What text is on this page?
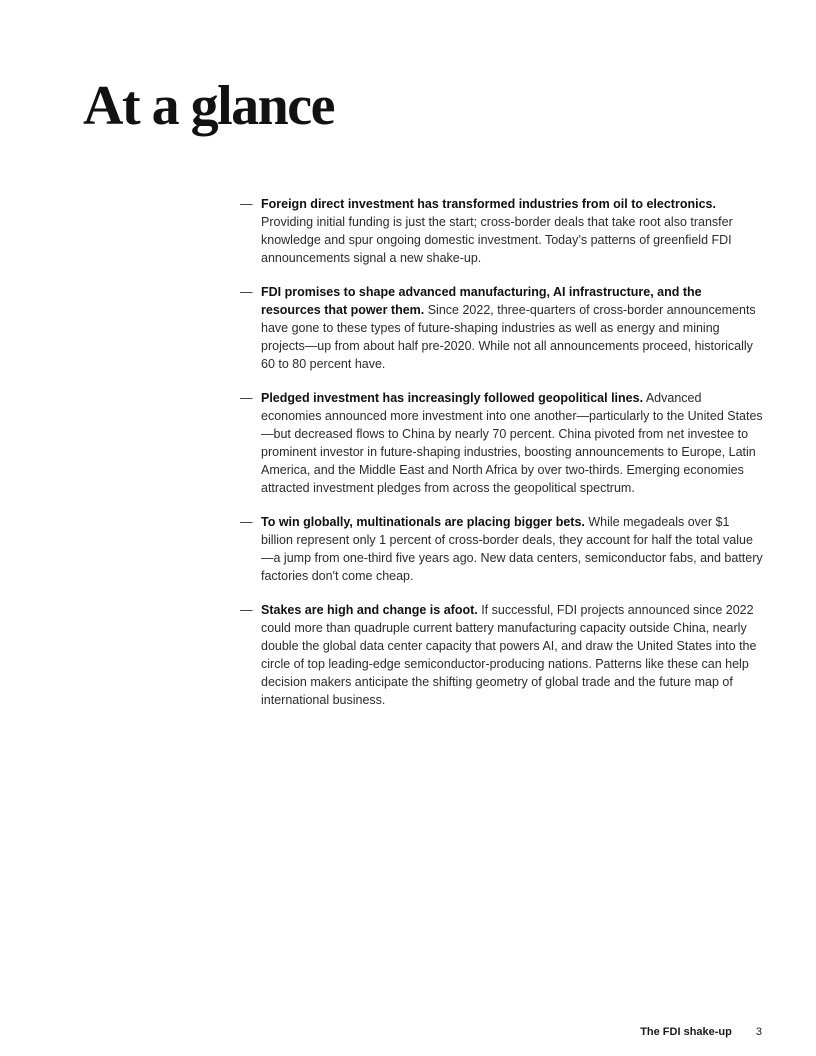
At a glance
— Foreign direct investment has transformed industries from oil to electronics. Providing initial funding is just the start; cross-border deals that take root also transfer knowledge and spur ongoing domestic investment. Today’s patterns of greenfield FDI announcements signal a new shake-up.

— FDI promises to shape advanced manufacturing, AI infrastructure, and the resources that power them. Since 2022, three-quarters of cross-border announcements have gone to these types of future-shaping industries as well as energy and mining projects—up from about half pre-2020. While not all announcements proceed, historically 60 to 80 percent have.

— Pledged investment has increasingly followed geopolitical lines. Advanced economies announced more investment into one another—particularly to the United States—but decreased flows to China by nearly 70 percent. China pivoted from net investee to prominent investor in future-shaping industries, boosting announcements to Europe, Latin America, and the Middle East and North Africa by over two-thirds. Emerging economies attracted investment pledges from across the geopolitical spectrum.

— To win globally, multinationals are placing bigger bets. While megadeals over $1 billion represent only 1 percent of cross-border deals, they account for half the total value—a jump from one-third five years ago. New data centers, semiconductor fabs, and battery factories don't come cheap.

— Stakes are high and change is afoot. If successful, FDI projects announced since 2022 could more than quadruple current battery manufacturing capacity outside China, nearly double the global data center capacity that powers AI, and draw the United States into the circle of top leading-edge semiconductor-producing nations. Patterns like these can help decision makers anticipate the shifting geometry of global trade and the future map of international business.

The FDI shake-up 3
